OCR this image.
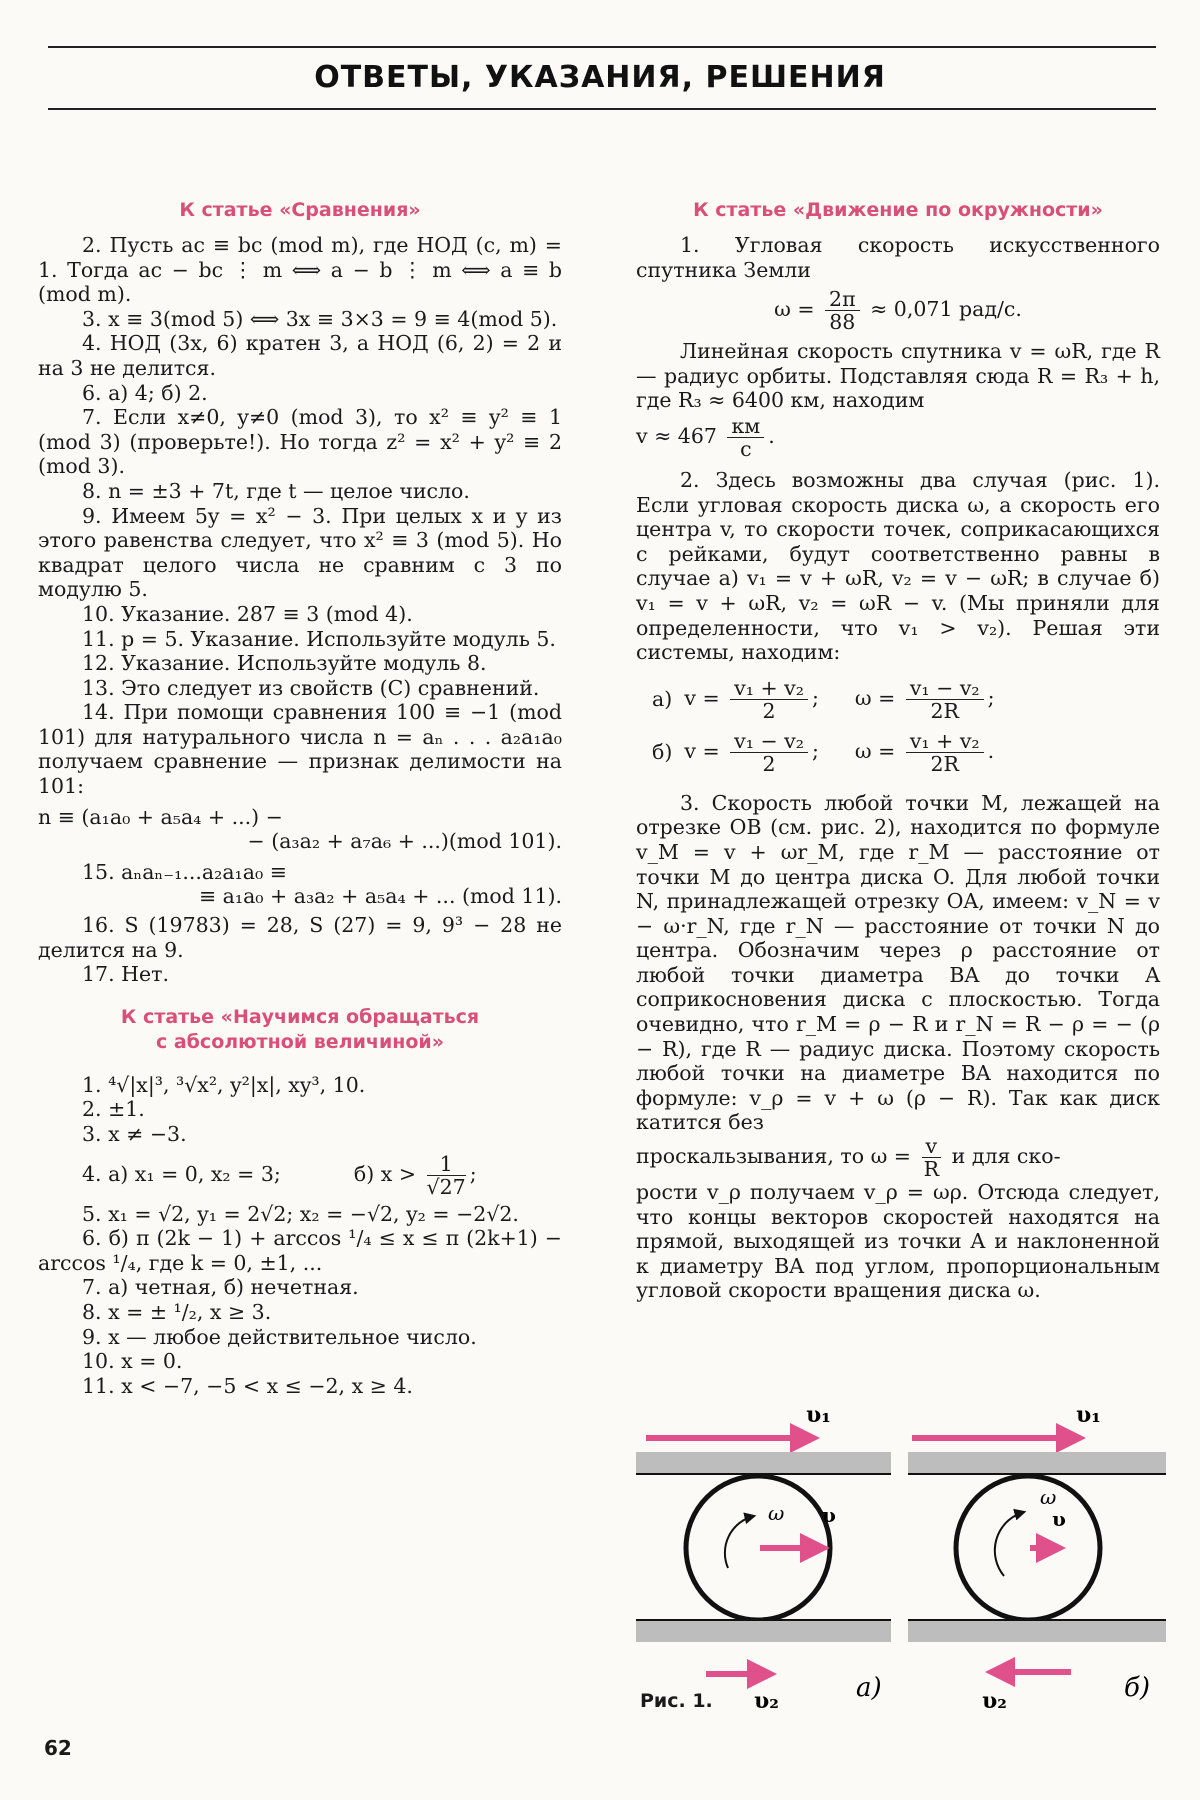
ОТВЕТЫ, УКАЗАНИЯ, РЕШЕНИЯ
К статье «Сравнения»

2. Пусть ac ≡ bc (mod m), где НОД (c, m) = 1. Тогда ac − bc ⋮ m ⟺ a − b ⋮ m ⟺ a ≡ b (mod m).

3. x ≡ 3(mod 5) ⟺ 3x ≡ 3×3 = 9 ≡ 4(mod 5).

4. НОД (3x, 6) кратен 3, а НОД (6, 2) = 2 и на 3 не делится.

6. а) 4; б) 2.

7. Если x≠0, y≠0 (mod 3), то x² ≡ y² ≡ 1 (mod 3) (проверьте!). Но тогда z² = x² + y² ≡ 2 (mod 3).

8. n = ±3 + 7t, где t — целое число.

9. Имеем 5y = x² − 3. При целых x и y из этого равенства следует, что x² ≡ 3 (mod 5). Но квадрат целого числа не сравним с 3 по модулю 5.

10. Указание. 287 ≡ 3 (mod 4).

11. p = 5. Указание. Используйте модуль 5.

12. Указание. Используйте модуль 8.

13. Это следует из свойств (С) сравнений.

14. При помощи сравнения 100 ≡ −1 (mod 101) для натурального числа n = aₙ . . . a₂a₁a₀ получаем сравнение — признак делимости на 101:

n ≡ (a₁a₀ + a₅a₄ + ...) −
− (a₃a₂ + a₇a₆ + ...)(mod 101).
15. aₙaₙ₋₁...a₂a₁a₀ ≡
≡ a₁a₀ + a₃a₂ + a₅a₄ + ... (mod 11).

16. S (19783) = 28, S (27) = 9, 9³ − 28 не делится на 9.

17. Нет.

К статье «Научимся обращаться
с абсолютной величиной»
1. ⁴√|x|³, ³√x², y²|x|, xy³, 10.
2. ±1.
3. x ≠ −3.
4. а) x₁ = 0, x₂ = 3;	б) $x > \frac{1}{√27}$ ;

5. x₁ = √2, y₁ = 2√2; x₂ = −√2, y₂ = −2√2.

6. б) π (2k − 1) + arccos ¹/₄ ≤ x ≤ π (2k+1) − arccos ¹/₄, где k = 0, ±1, ...

7. а) четная, б) нечетная.
8. x = ± ¹/₂, x ≥ 3.
9. x — любое действительное число.
10. x = 0.
11. x < −7, −5 < x ≤ −2, x ≥ 4.
К статье «Движение по окружности»

1. Угловая скорость искусственного спутника Земли

$\omega = \frac{2\pi}{88} \approx 0,071$ рад/с.

Линейная скорость спутника v = ωR, где R — радиус орбиты. Подставляя сюда R = R₃ + h, где R₃ ≈ 6400 км, находим

v ≈ 467 км
с
.

2. Здесь возможны два случая (рис. 1). Если угловая скорость диска ω, а скорость его центра v, то скорости точек, соприкасающихся с рейками, будут соответственно равны в случае а) v₁ = v + ωR, v₂ = v − ωR; в случае б) v₁ = v + ωR, v₂ = ωR − v. (Мы приняли для определенности, что v₁ > v₂). Решая эти системы, находим:

а)	$v = \frac{\text{v₁ + v₂}}{2}$ ;	$\omega = \frac{\text{v₁ − v₂}}{2R}$ ;
б)	$v = \frac{\text{v₁ − v₂}}{2}$ ;	$\omega = \frac{\text{v₁ + v₂}}{2R}$ .

3. Скорость любой точки M, лежащей на отрезке OB (см. рис. 2), находится по формуле v_M = v + ωr_M, где r_M — расстояние от точки M до центра диска O. Для любой точки N, принадлежащей отрезку OA, имеем: v_N = v − ω·r_N, где r_N — расстояние от точки N до центра. Обозначим через ρ расстояние от любой точки диаметра BA до точки A соприкосновения диска с плоскостью. Тогда очевидно, что r_M = ρ − R и r_N = R − ρ = − (ρ − R), где R — радиус диска. Поэтому скорость любой точки на диаметре BA находится по формуле: v_ρ = v + ω (ρ − R). Так как диск катится без

проскальзывания, то $\omega = \frac{v}{R}$ и для ско-

рости v_ρ получаем v_ρ = ωρ. Отсюда следует, что концы векторов скоростей находятся на прямой, выходящей из точки A и наклоненной к диаметру BA под углом, пропорциональным угловой скорости вращения диска ω.

υ₁
ω υ
υ₂	а)
υ₁
ω
υ
υ₂	б)
Рис. 1.
62
